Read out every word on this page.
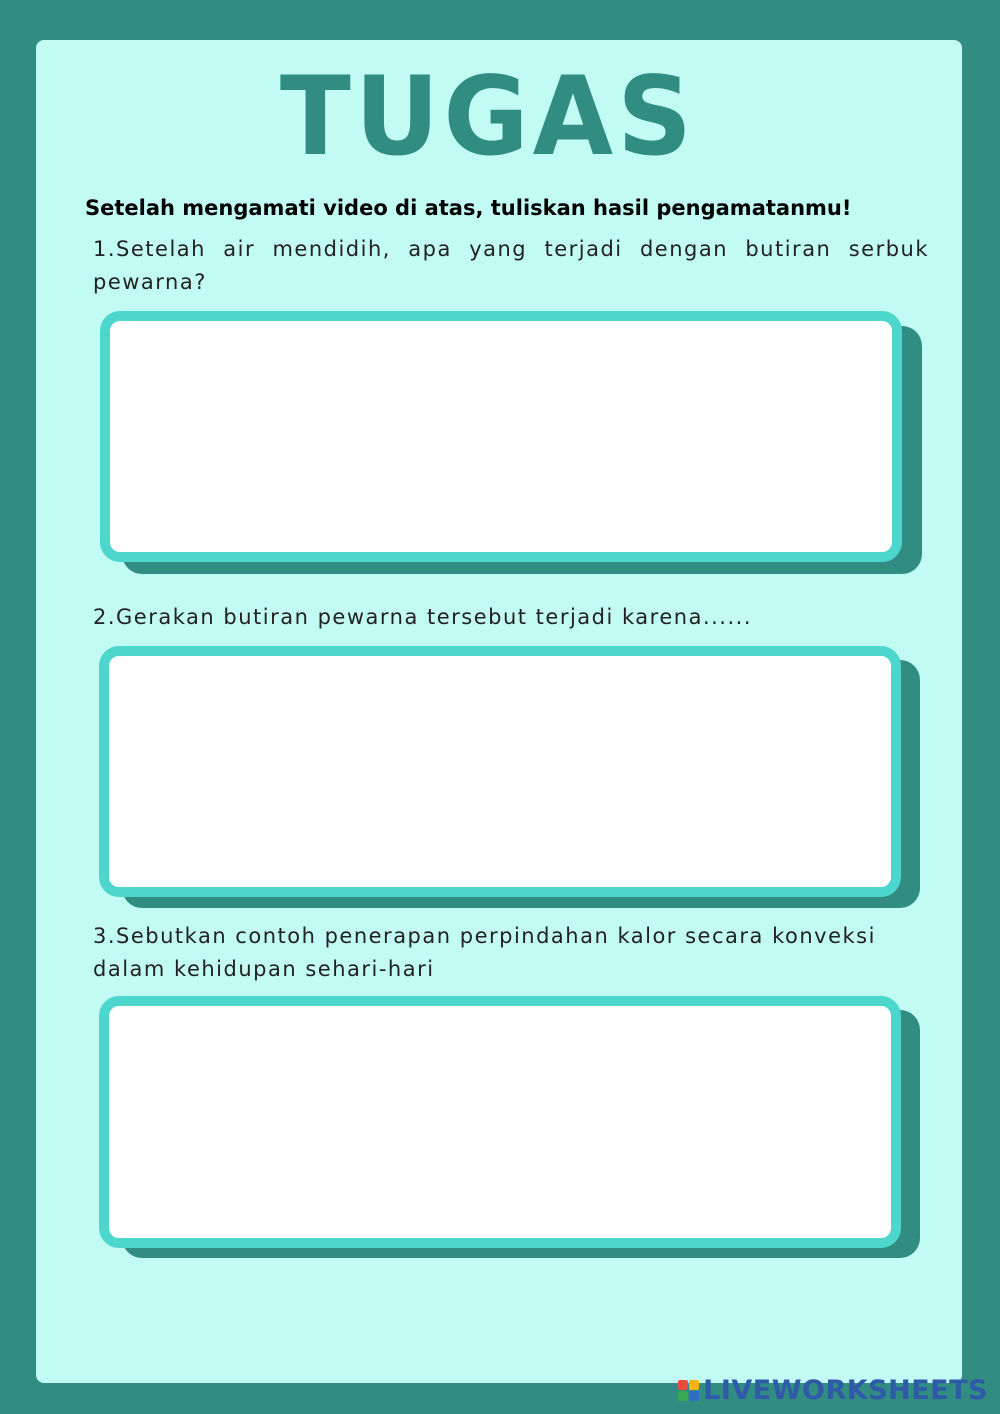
TUGAS
Setelah mengamati video di atas, tuliskan hasil pengamatanmu!
1.Setelah air mendidih, apa yang terjadi dengan butiran serbuk pewarna?
2.Gerakan butiran pewarna tersebut terjadi karena......
3.Sebutkan contoh penerapan perpindahan kalor secara konveksi dalam kehidupan sehari-hari
LIVEWORKSHEETS
